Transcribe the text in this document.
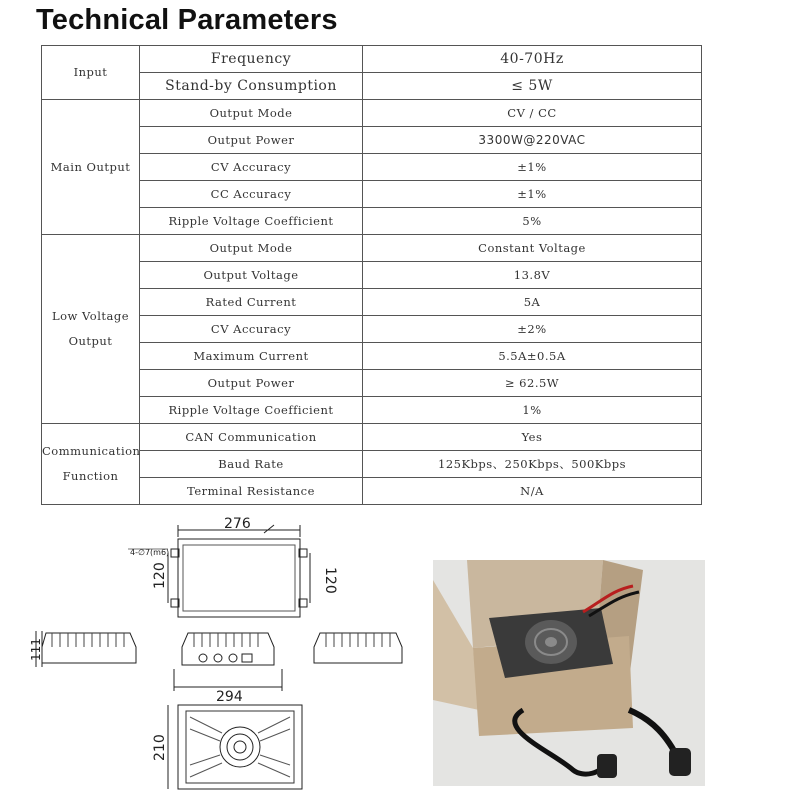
Technical Parameters
Input	Frequency	40-70Hz
	Stand-by Consumption	≤ 5W
Main Output	Output Mode	CV / CC
	Output Power	3300W@220VAC
	CV Accuracy	±1%
	CC Accuracy	±1%
	Ripple Voltage Coefficient	5%

Low Voltage
Output	Output Mode	Constant Voltage
	Output Voltage	13.8V
	Rated Current	5A
	CV Accuracy	±2%
	Maximum Current	5.5A±0.5A
	Output Power	≥ 62.5W
	Ripple Voltage Coefficient	1%

Communication
Function	CAN Communication	Yes
	Baud Rate	125Kbps、250Kbps、500Kbps
	Terminal Resistance	N/A
276
4-∅7(m6)
120	120
111
294
210
